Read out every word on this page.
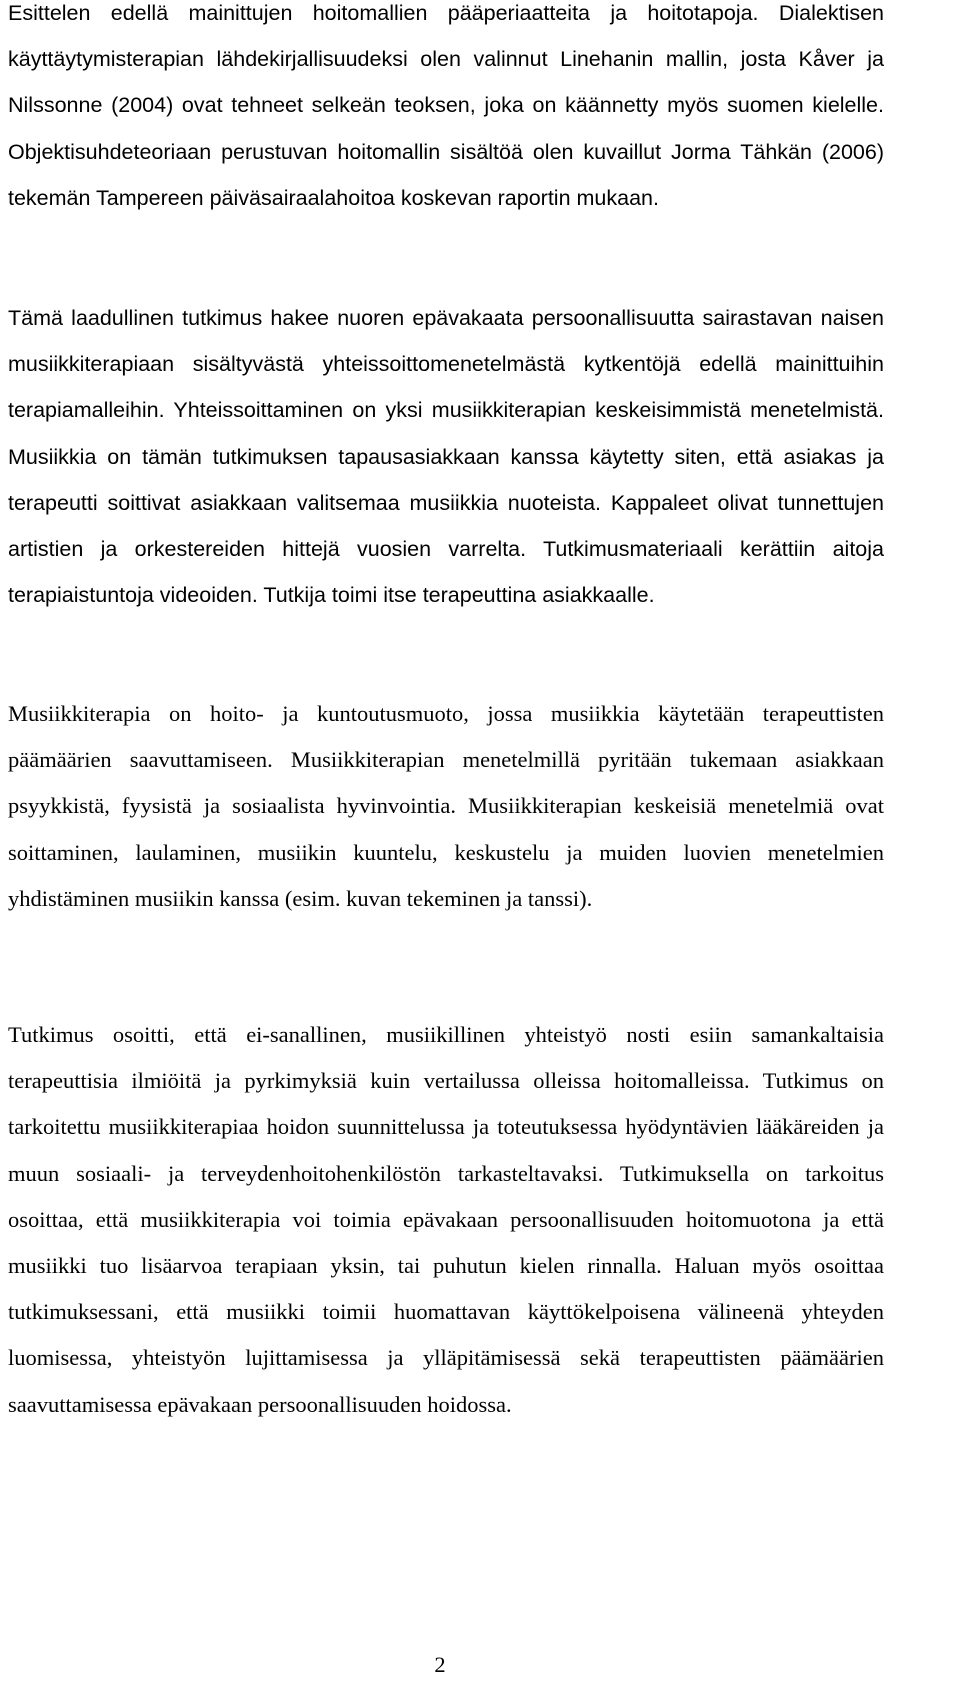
Esittelen edellä mainittujen hoitomallien pääperiaatteita ja hoitotapoja. Dialektisen käyttäytymisterapian lähdekirjallisuudeksi olen valinnut Linehanin mallin, josta Kåver ja Nilssonne (2004) ovat tehneet selkeän teoksen, joka on käännetty myös suomen kielelle. Objektisuhdeteoriaan perustuvan hoitomallin sisältöä olen kuvaillut Jorma Tähkän (2006) tekemän Tampereen päiväsairaalahoitoa koskevan raportin mukaan.

Tämä laadullinen tutkimus hakee nuoren epävakaata persoonallisuutta sairastavan naisen musiikkiterapiaan sisältyvästä yhteissoittomenetelmästä kytkentöjä edellä mainittuihin terapiamalleihin. Yhteissoittaminen on yksi musiikkiterapian keskeisimmistä menetelmistä. Musiikkia on tämän tutkimuksen tapausasiakkaan kanssa käytetty siten, että asiakas ja terapeutti soittivat asiakkaan valitsemaa musiikkia nuoteista. Kappaleet olivat tunnettujen artistien ja orkestereiden hittejä vuosien varrelta. Tutkimusmateriaali kerättiin aitoja terapiaistuntoja videoiden. Tutkija toimi itse terapeuttina asiakkaalle.

Musiikkiterapia on hoito- ja kuntoutusmuoto, jossa musiikkia käytetään terapeuttisten päämäärien saavuttamiseen. Musiikkiterapian menetelmillä pyritään tukemaan asiakkaan psyykkistä, fyysistä ja sosiaalista hyvinvointia. Musiikkiterapian keskeisiä menetelmiä ovat soittaminen, laulaminen, musiikin kuuntelu, keskustelu ja muiden luovien menetelmien yhdistäminen musiikin kanssa (esim. kuvan tekeminen ja tanssi).

Tutkimus osoitti, että ei-sanallinen, musiikillinen yhteistyö nosti esiin samankaltaisia terapeuttisia ilmiöitä ja pyrkimyksiä kuin vertailussa olleissa hoitomalleissa. Tutkimus on tarkoitettu musiikkiterapiaa hoidon suunnittelussa ja toteutuksessa hyödyntävien lääkäreiden ja muun sosiaali- ja terveydenhoitohenkilöstön tarkasteltavaksi. Tutkimuksella on tarkoitus osoittaa, että musiikkiterapia voi toimia epävakaan persoonallisuuden hoitomuotona ja että musiikki tuo lisäarvoa terapiaan yksin, tai puhutun kielen rinnalla. Haluan myös osoittaa tutkimuksessani, että musiikki toimii huomattavan käyttökelpoisena välineenä yhteyden luomisessa, yhteistyön lujittamisessa ja ylläpitämisessä sekä terapeuttisten päämäärien saavuttamisessa epävakaan persoonallisuuden hoidossa.

2
